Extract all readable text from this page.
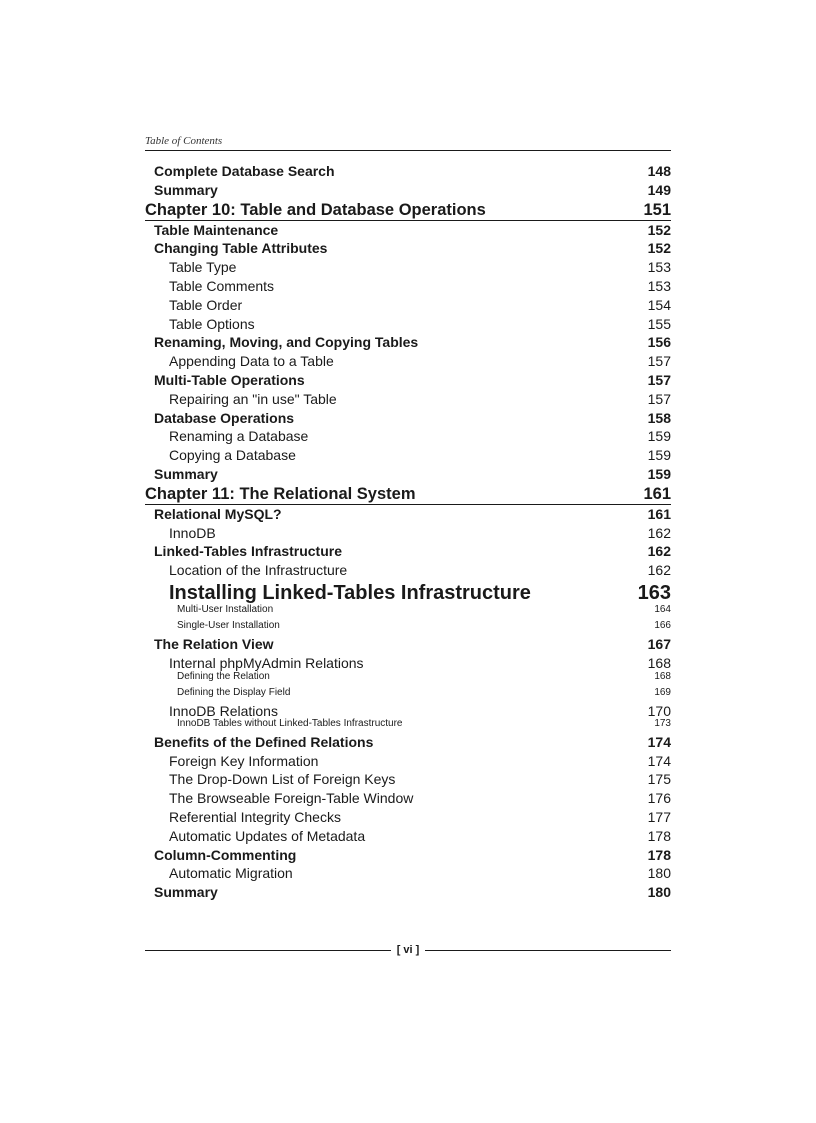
Table of Contents
Complete Database Search	148
Summary	149
Chapter 10: Table and Database Operations	151
Table Maintenance	152
Changing Table Attributes	152
Table Type	153
Table Comments	153
Table Order	154
Table Options	155
Renaming, Moving, and Copying Tables	156
Appending Data to a Table	157
Multi-Table Operations	157
Repairing an "in use" Table	157
Database Operations	158
Renaming a Database	159
Copying a Database	159
Summary	159
Chapter 11: The Relational System	161
Relational MySQL?	161
InnoDB	162
Linked-Tables Infrastructure	162
Location of the Infrastructure	162
Installing Linked-Tables Infrastructure	163
Multi-User Installation	164
Single-User Installation	166
The Relation View	167
Internal phpMyAdmin Relations	168
Defining the Relation	168
Defining the Display Field	169
InnoDB Relations	170
InnoDB Tables without Linked-Tables Infrastructure	173
Benefits of the Defined Relations	174
Foreign Key Information	174
The Drop-Down List of Foreign Keys	175
The Browseable Foreign-Table Window	176
Referential Integrity Checks	177
Automatic Updates of Metadata	178
Column-Commenting	178
Automatic Migration	180
Summary	180
[ vi ]
